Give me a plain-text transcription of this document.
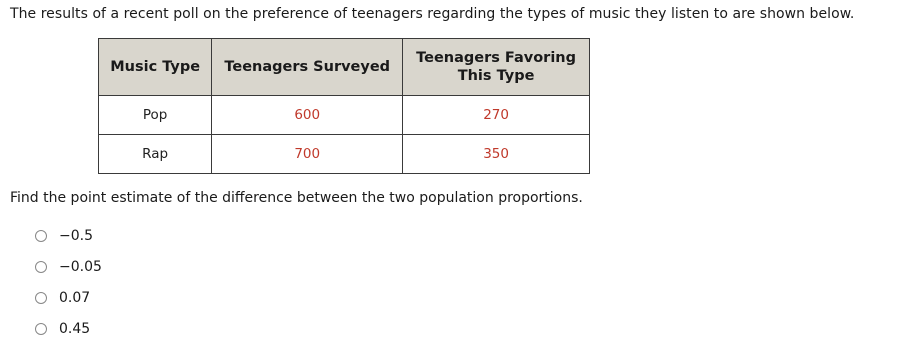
The results of a recent poll on the preference of teenagers regarding the types of music they listen to are shown below.
Music Type	Teenagers Surveyed	Teenagers Favoring This Type
Pop	600	270
Rap	700	350
Find the point estimate of the difference between the two population proportions.
−0.5
−0.05
0.07
0.45
